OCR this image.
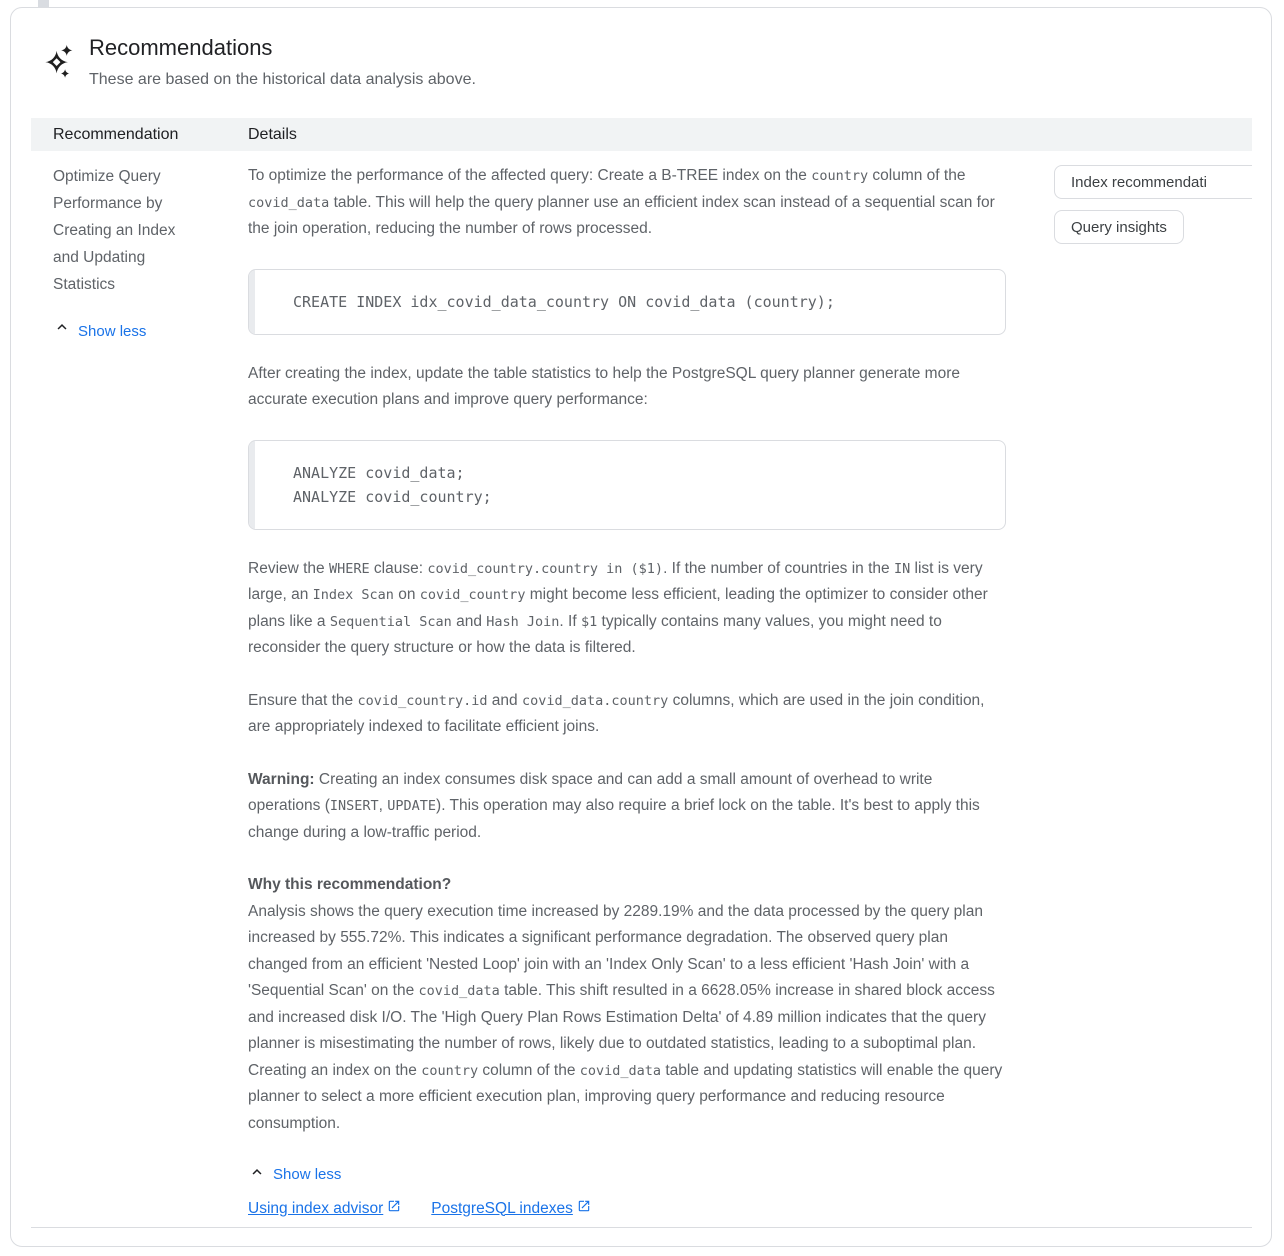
Recommendations
These are based on the historical data analysis above.
Recommendation	Details
Optimize Query Performance by Creating an Index and Updating Statistics
Show less
To optimize the performance of the affected query: Create a B-TREE index on the country column of the covid_data table. This will help the query planner use an efficient index scan instead of a sequential scan for the join operation, reducing the number of rows processed.
CREATE INDEX idx_covid_data_country ON covid_data (country);
After creating the index, update the table statistics to help the PostgreSQL query planner generate more accurate execution plans and improve query performance:
ANALYZE covid_data;
ANALYZE covid_country;
Review the WHERE clause: covid_country.country in ($1). If the number of countries in the IN list is very large, an Index Scan on covid_country might become less efficient, leading the optimizer to consider other plans like a Sequential Scan and Hash Join. If $1 typically contains many values, you might need to reconsider the query structure or how the data is filtered.
Ensure that the covid_country.id and covid_data.country columns, which are used in the join condition, are appropriately indexed to facilitate efficient joins.
Warning: Creating an index consumes disk space and can add a small amount of overhead to write operations (INSERT, UPDATE). This operation may also require a brief lock on the table. It's best to apply this change during a low-traffic period.
Why this recommendation?
Analysis shows the query execution time increased by 2289.19% and the data processed by the query plan increased by 555.72%. This indicates a significant performance degradation. The observed query plan changed from an efficient 'Nested Loop' join with an 'Index Only Scan' to a less efficient 'Hash Join' with a 'Sequential Scan' on the covid_data table. This shift resulted in a 6628.05% increase in shared block access and increased disk I/O. The 'High Query Plan Rows Estimation Delta' of 4.89 million indicates that the query planner is misestimating the number of rows, likely due to outdated statistics, leading to a suboptimal plan. Creating an index on the country column of the covid_data table and updating statistics will enable the query planner to select a more efficient execution plan, improving query performance and reducing resource consumption.
Show less
Using index advisor	PostgreSQL indexes
Index recommendati
Query insights
